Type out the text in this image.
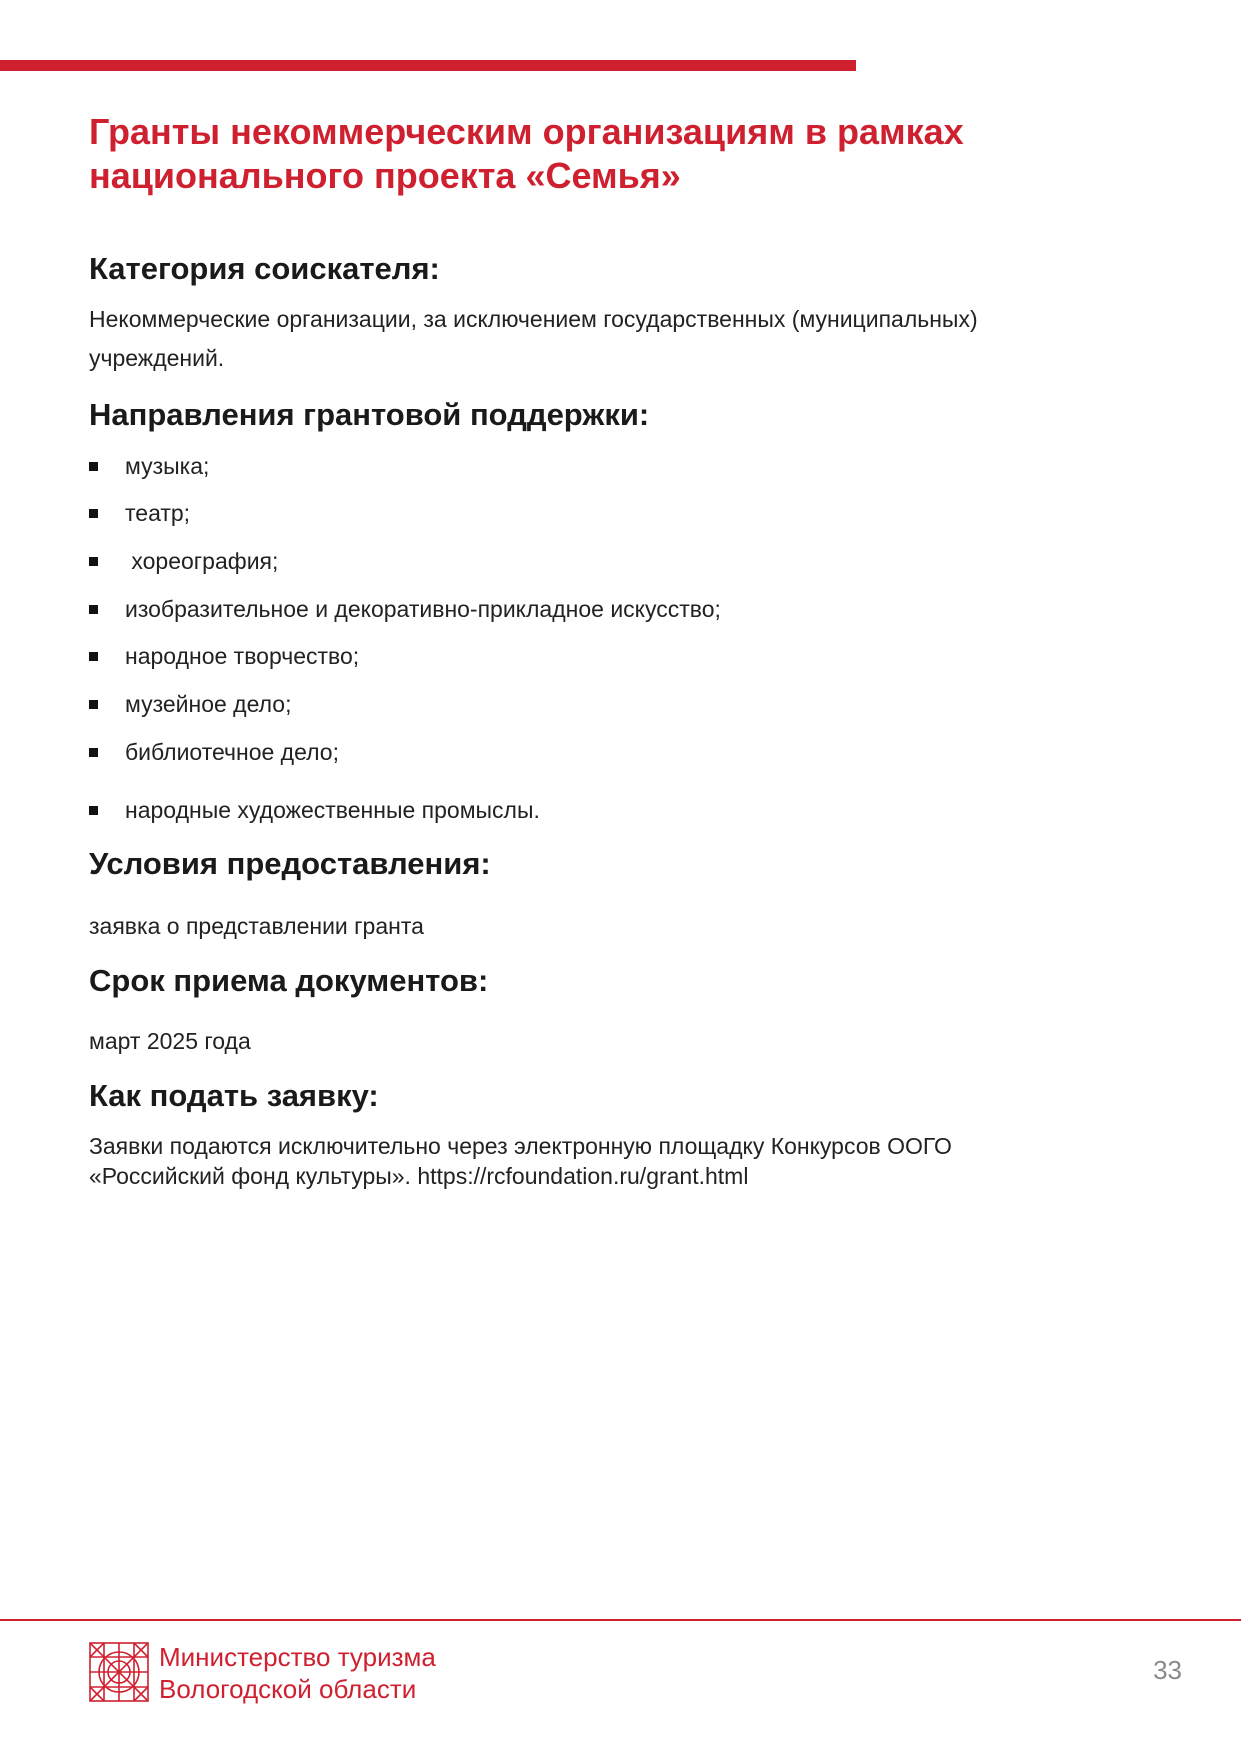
Гранты некоммерческим организациям в рамках национального проекта «Семья»
Категория соискателя:

Некоммерческие организации, за исключением государственных (муниципальных) учреждений.

Направления грантовой поддержки:
музыка;
театр;
хореография;
изобразительное и декоративно-прикладное искусство;
народное творчество;
музейное дело;
библиотечное дело;
народные художественные промыслы.
Условия предоставления:

заявка о представлении гранта

Срок приема документов:

март 2025 года

Как подать заявку:

Заявки подаются исключительно через электронную площадку Конкурсов ООГО «Российский фонд культуры». https://rcfoundation.ru/grant.html

Министерство туризма
Вологодской области
33
